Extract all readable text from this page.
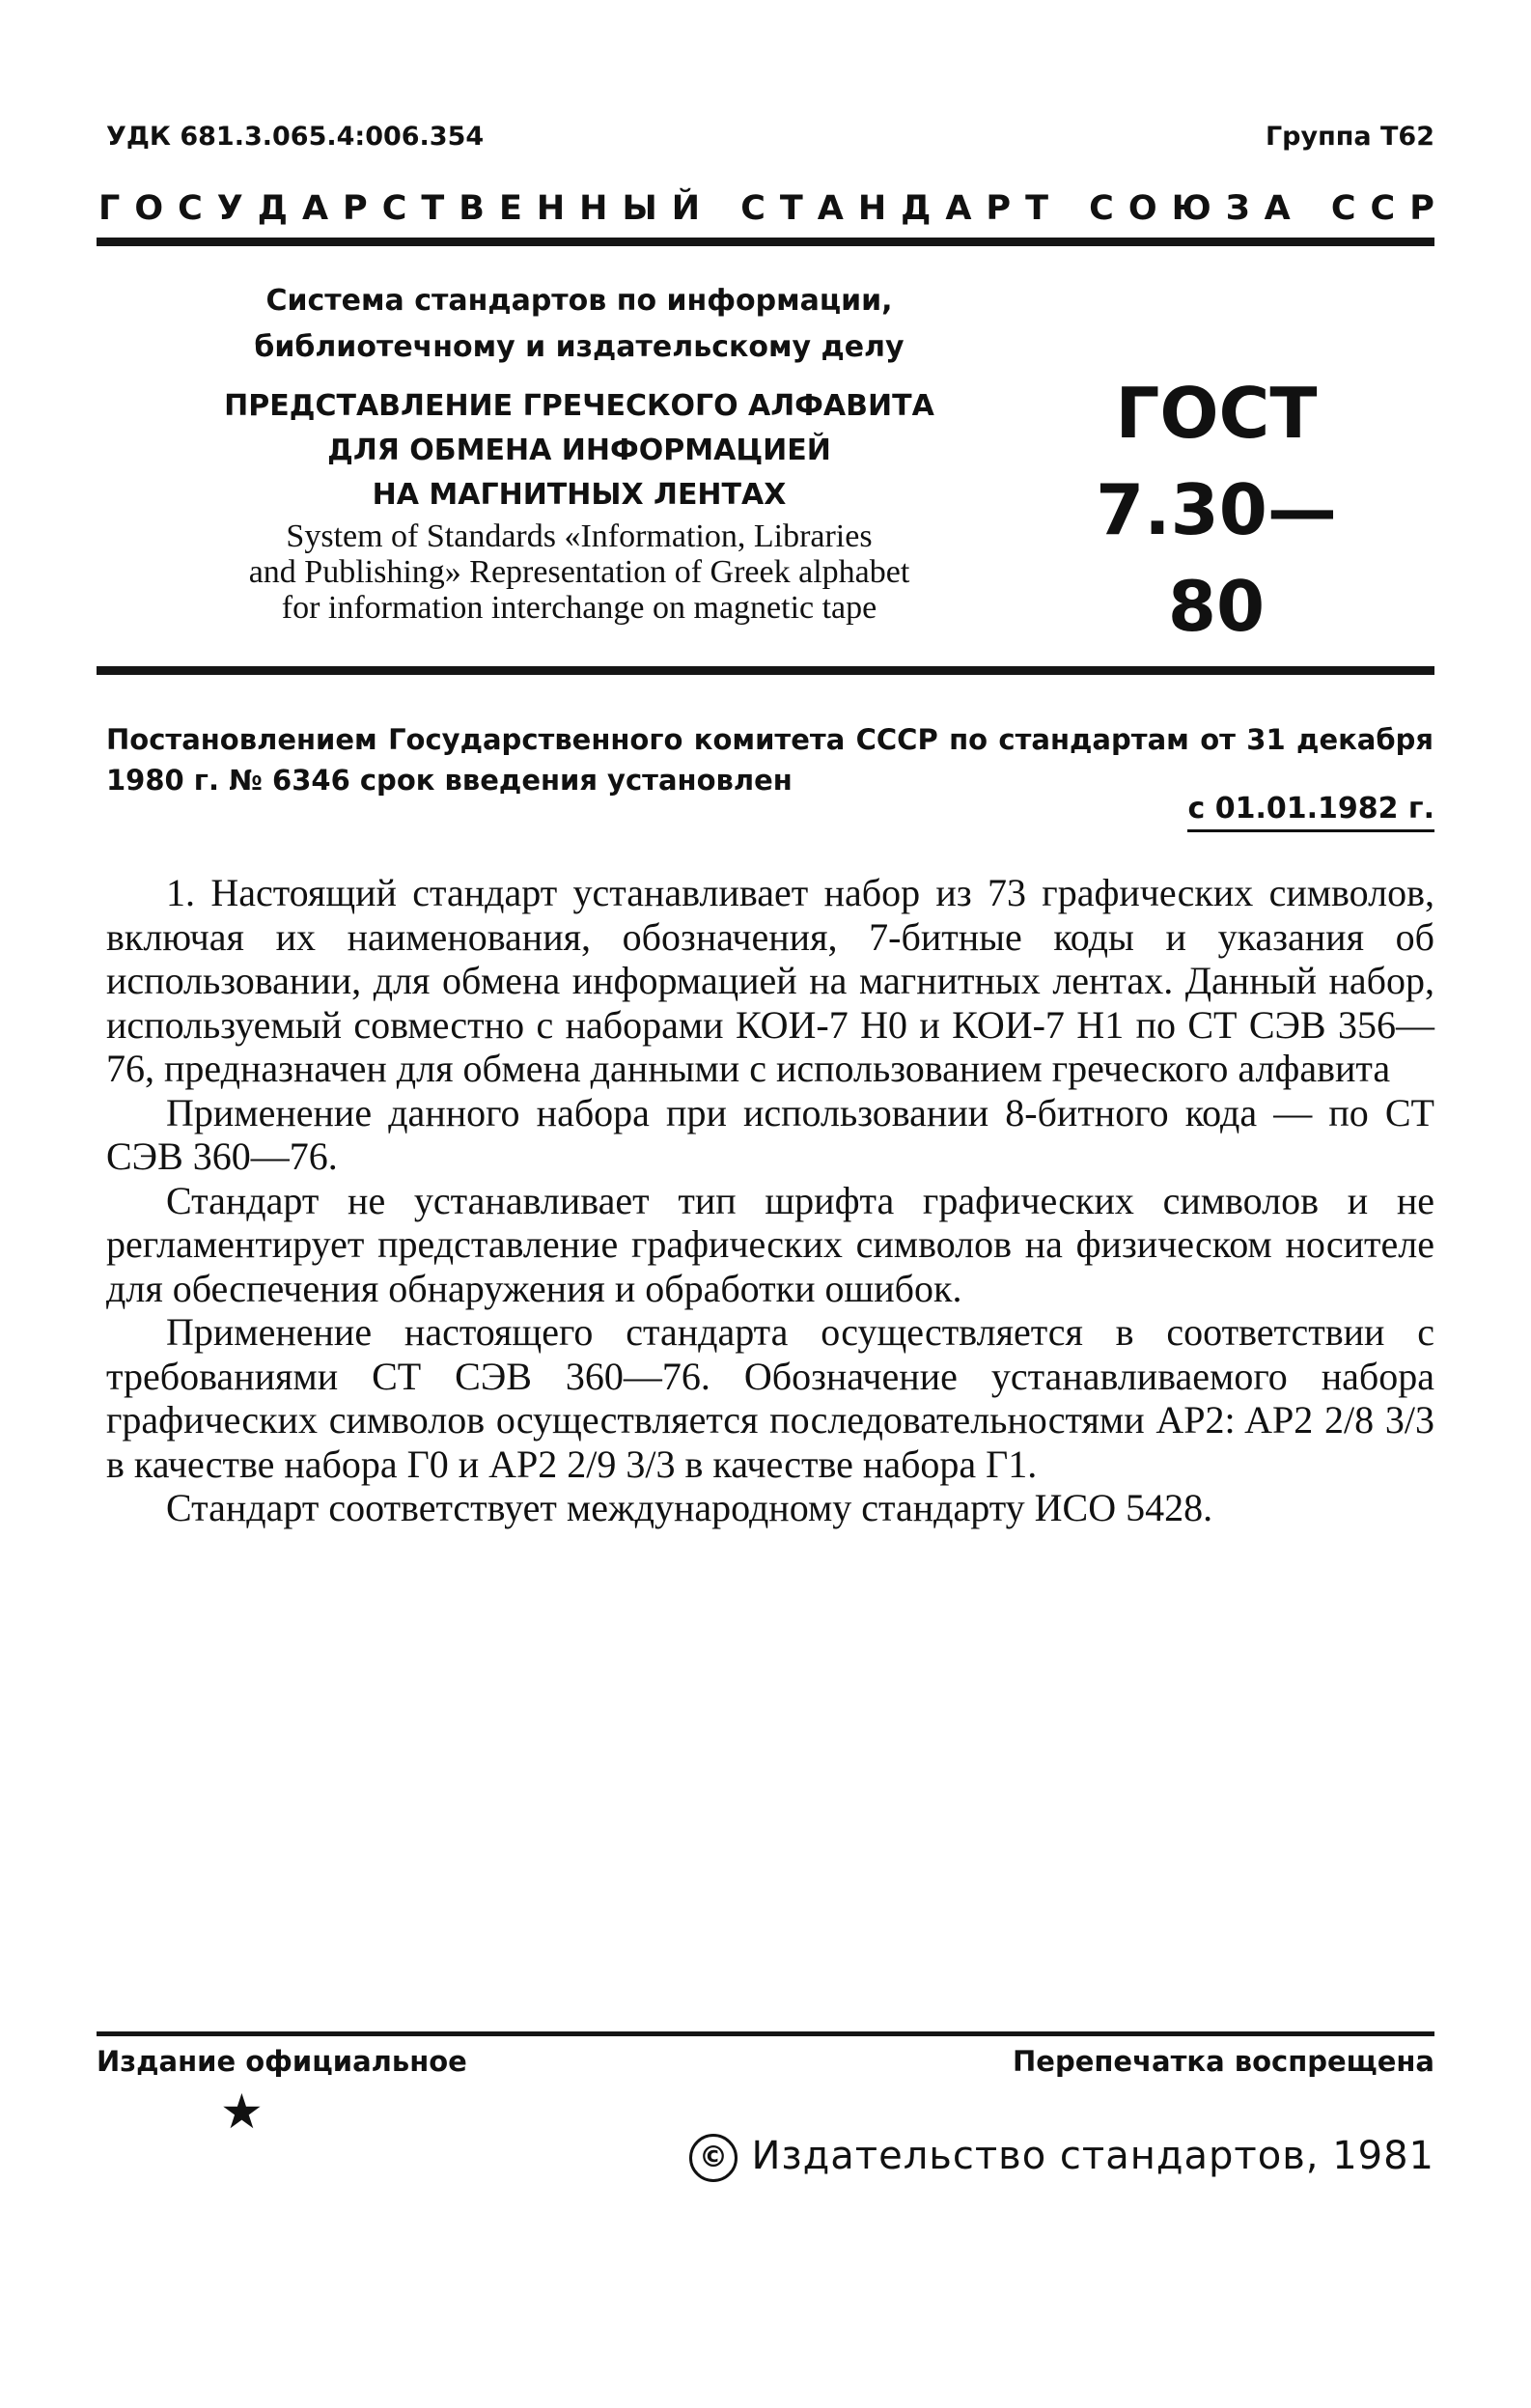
УДК 681.3.065.4:006.354	Группа Т62
Г О С У Д А Р С Т В Е Н Н Ы Й
С Т А Н Д А Р Т
С О Ю З А
С С Р
Система стандартов по информации,
библиотечному и издательскому делу
ПРЕДСТАВЛЕНИЕ ГРЕЧЕСКОГО АЛФАВИТА
ДЛЯ ОБМЕНА ИНФОРМАЦИЕЙ
НА МАГНИТНЫХ ЛЕНТАХ
System of Standards «Information, Libraries
and Publishing» Representation of Greek alphabet
for information interchange on magnetic tape
ГОСТ
7.30—80
Постановлением Государственного комитета СССР по стандартам от 31 декабря 1980 г. № 6346 срок введения установлен
с 01.01.1982 г.

1. Настоящий стандарт устанавливает набор из 73 графических символов, включая их наименования, обозначения, 7-битные коды и указания об использовании, для обмена информацией на магнитных лентах. Данный набор, используемый совместно с наборами КОИ-7 Н0 и КОИ-7 Н1 по СТ СЭВ 356—76, предназначен для обмена данными с использованием греческого алфавита

Применение данного набора при использовании 8-битного кода — по СТ СЭВ 360—76.

Стандарт не устанавливает тип шрифта графических символов и не регламентирует представление графических символов на физическом носителе для обеспечения обнаружения и обработки ошибок.

Применение настоящего стандарта осуществляется в соответствии с требованиями СТ СЭВ 360—76. Обозначение устанавливаемого набора графических символов осуществляется последовательностями AP2: AP2 2/8 3/3 в качестве набора Г0 и AP2 2/9 3/3 в качестве набора Г1.

Стандарт соответствует международному стандарту ИСО 5428.

Издание официальное	Перепечатка воспрещена
★
© Издательство стандартов, 1981
